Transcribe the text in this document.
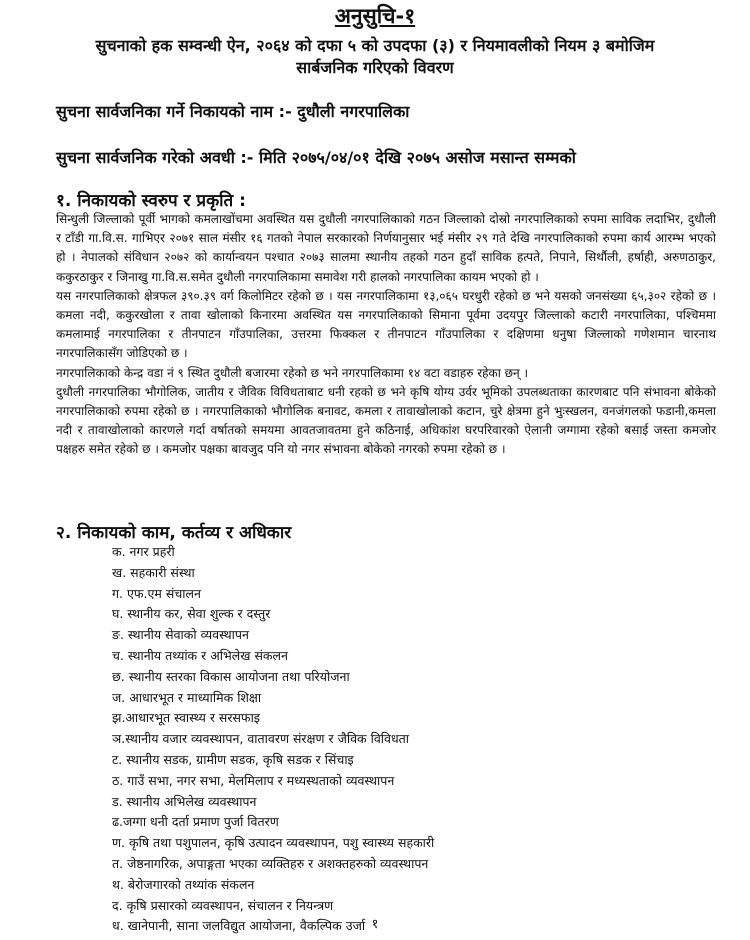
अनुसुचि-१
सुचनाको हक सम्वन्धी ऐन, २०६४ को दफा ५ को उपदफा (३) र नियमावलीको नियम ३ बमोजिम
सार्बजनिक गरिएको विवरण
सुचना सार्वजनिका गर्ने निकायको नाम :- दुधौली नगरपालिका
सुचना सार्वजनिक गरेको अवधी :- मिति २०७५/०४/०१ देखि २०७५ असोज मसान्त सम्मको
१. निकायको स्वरुप र प्रकृति :

सिन्धुली जिल्लाको पूर्वी भागको कमलाखोंचमा अवस्थित यस दुधौली नगरपालिकाको गठन जिल्लाको दोस्रो नगरपालिकाको रुपमा साविक लदाभिर, दुधौली र टाँडी गा.वि.स. गाभिएर २०७१ साल मंसीर १६ गतको नेपाल सरकारको निर्णयानुसार भई मंसीर २९ गते देखि नगरपालिकाको रुपमा कार्य आरम्भ भएको हो । नेपालको संविधान २०७२ को कार्यान्वयन पश्चात २०७३ सालमा स्थानीय तहको गठन हुदाँ साविक हत्पते, निपाने, सिर्थौली, हर्षाही, अरुणठाकुर, ककुरठाकुर र जिनाखु गा.वि.स.समेत दुधौली नगरपालिकामा समावेश गरी हालको नगरपालिका कायम भएको हो ।

यस नगरपालिकाको क्षेत्रफल ३९०.३९ वर्ग किलोमिटर रहेको छ । यस नगरपालिकामा १३,०६५ घरधुरी रहेको छ भने यसको जनसंख्या ६५,३०२ रहेको छ । कमला नदी, ककुरखोला र तावा खोलाको किनारमा अवस्थित यस नगरपालिकाको सिमाना पूर्वमा उदयपुर जिल्लाको कटारी नगरपालिका, पश्चिममा कमलामाई नगरपालिका र तीनपाटन गाँउपालिका, उत्तरमा फिक्कल र तीनपाटन गाँउपालिका र दक्षिणमा धनुषा जिल्लाको गणेशमान चारनाथ नगरपालिकासँग जोडिएको छ ।

नगरपालिकाको केन्द्र वडा नं ९ स्थित दुधौली बजारमा रहेको छ भने नगरपालिकामा १४ वटा वडाहरु रहेका छन् ।

दुधौली नगरपालिका भौगोलिक, जातीय र जैविक विविधताबाट धनी रहको छ भने कृषि योग्य उर्वर भूमिको उपलब्धताका कारणबाट पनि संभावना बोकेको नगरपालिकाको रुपमा रहेको छ । नगरपालिकाको भौगोलिक बनावट, कमला र तावाखोलाको कटान, चुरे क्षेत्रमा हुने भुःस्खलन, वनजंगलको फडानी,कमला नदी र तावाखोलाको कारणले गर्दा वर्षातको समयमा आवतजावतमा हुने कठिनाई, अधिकांश घरपरिवारको ऐलानी जग्गामा रहेको बसाई जस्ता कमजोर पक्षहरु समेत रहेको छ । कमजोर पक्षका बावजुद पनि यो नगर संभावना बोकेको नगरको रुपमा रहेको छ ।

२. निकायको काम, कर्तव्य र अधिकार
क. नगर प्रहरी
ख. सहकारी संस्था
ग. एफ.एम संचालन
घ. स्थानीय कर, सेवा शुल्क र दस्तुर
ङ. स्थानीय सेवाको व्यवस्थापन
च. स्थानीय तथ्यांक र अभिलेख संकलन
छ. स्थानीय स्तरका विकास आयोजना तथा परियोजना
ज. आधारभूत र माध्यामिक शिक्षा
झ.आधारभूत स्वास्थ्य र सरसफाइ
ञ.स्थानीय वजार व्यवस्थापन, वातावरण संरक्षण र जैविक विविधता
ट. स्थानीय सडक, ग्रामीण सडक, कृषि सडक र सिंचाइ
ठ. गाउँ सभा, नगर सभा, मेलमिलाप र मध्यस्थताको व्यवस्थापन
ड. स्थानीय अभिलेख व्यवस्थापन
ढ.जग्गा धनी दर्ता प्रमाण पुर्जा वितरण
ण. कृषि तथा पशुपालन, कृषि उत्पादन व्यवस्थापन, पशु स्वास्थ्य सहकारी
त. जेष्ठनागरिक, अपाङ्गता भएका व्यक्तिहरु र अशक्तहरुको व्यवस्थापन
थ. बेरोजगारको तथ्यांक संकलन
द. कृषि प्रसारको व्यवस्थापन, संचालन र नियन्त्रण
ध. खानेपानी, साना जलविद्युत आयोजना, वैकल्पिक उर्जा १
